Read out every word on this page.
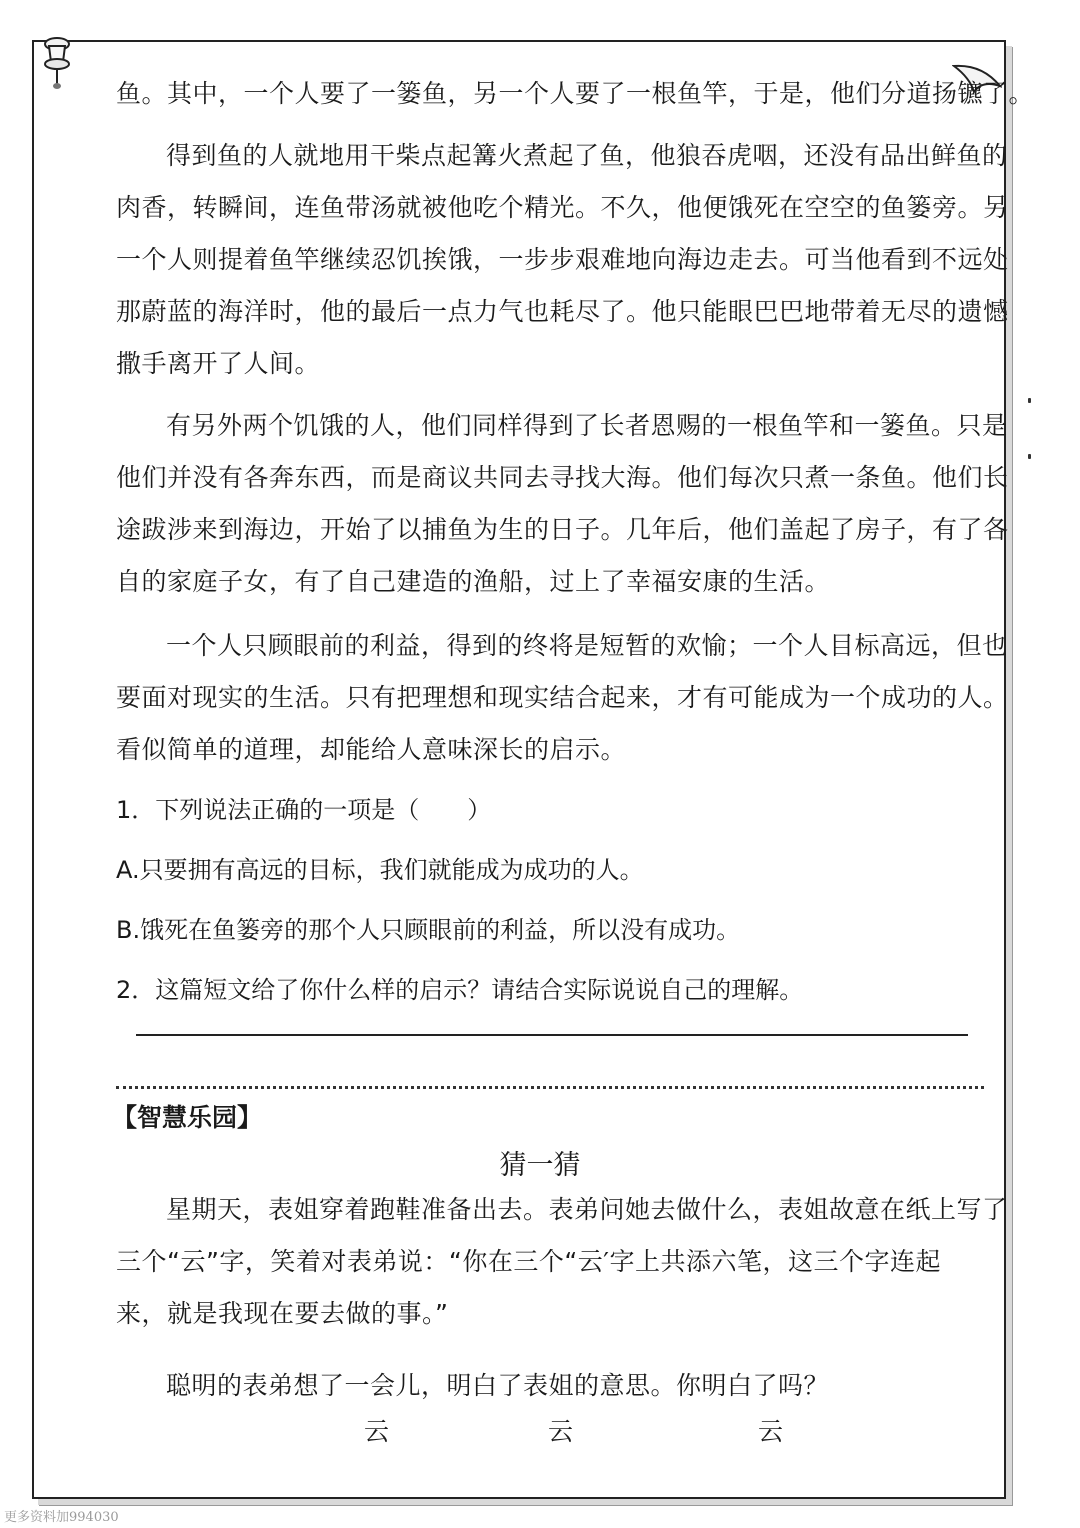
鱼。其中，一个人要了一篓鱼，另一个人要了一根鱼竿，于是，他们分道扬镳了。
得到鱼的人就地用干柴点起篝火煮起了鱼，他狼吞虎咽，还没有品出鲜鱼的
肉香，转瞬间，连鱼带汤就被他吃个精光。不久，他便饿死在空空的鱼篓旁。另
一个人则提着鱼竿继续忍饥挨饿，一步步艰难地向海边走去。可当他看到不远处
那蔚蓝的海洋时，他的最后一点力气也耗尽了。他只能眼巴巴地带着无尽的遗憾
撒手离开了人间。
有另外两个饥饿的人，他们同样得到了长者恩赐的一根鱼竿和一篓鱼。只是
他们并没有各奔东西，而是商议共同去寻找大海。他们每次只煮一条鱼。他们长
途跋涉来到海边，开始了以捕鱼为生的日子。几年后，他们盖起了房子，有了各
自的家庭子女，有了自己建造的渔船，过上了幸福安康的生活。
一个人只顾眼前的利益，得到的终将是短暂的欢愉；一个人目标高远，但也
要面对现实的生活。只有把理想和现实结合起来，才有可能成为一个成功的人。
看似简单的道理，却能给人意味深长的启示。
1．下列说法正确的一项是（　　）
A.只要拥有高远的目标，我们就能成为成功的人。
B.饿死在鱼篓旁的那个人只顾眼前的利益，所以没有成功。
2．这篇短文给了你什么样的启示？请结合实际说说自己的理解。
【智慧乐园】
猜一猜
星期天，表姐穿着跑鞋准备出去。表弟问她去做什么，表姐故意在纸上写了
三个“云”字，笑着对表弟说：“你在三个“云′字上共添六笔，这三个字连起
来，就是我现在要去做的事。”
聪明的表弟想了一会儿，明白了表姐的意思。你明白了吗？
云	云	云
更多资料加994030
